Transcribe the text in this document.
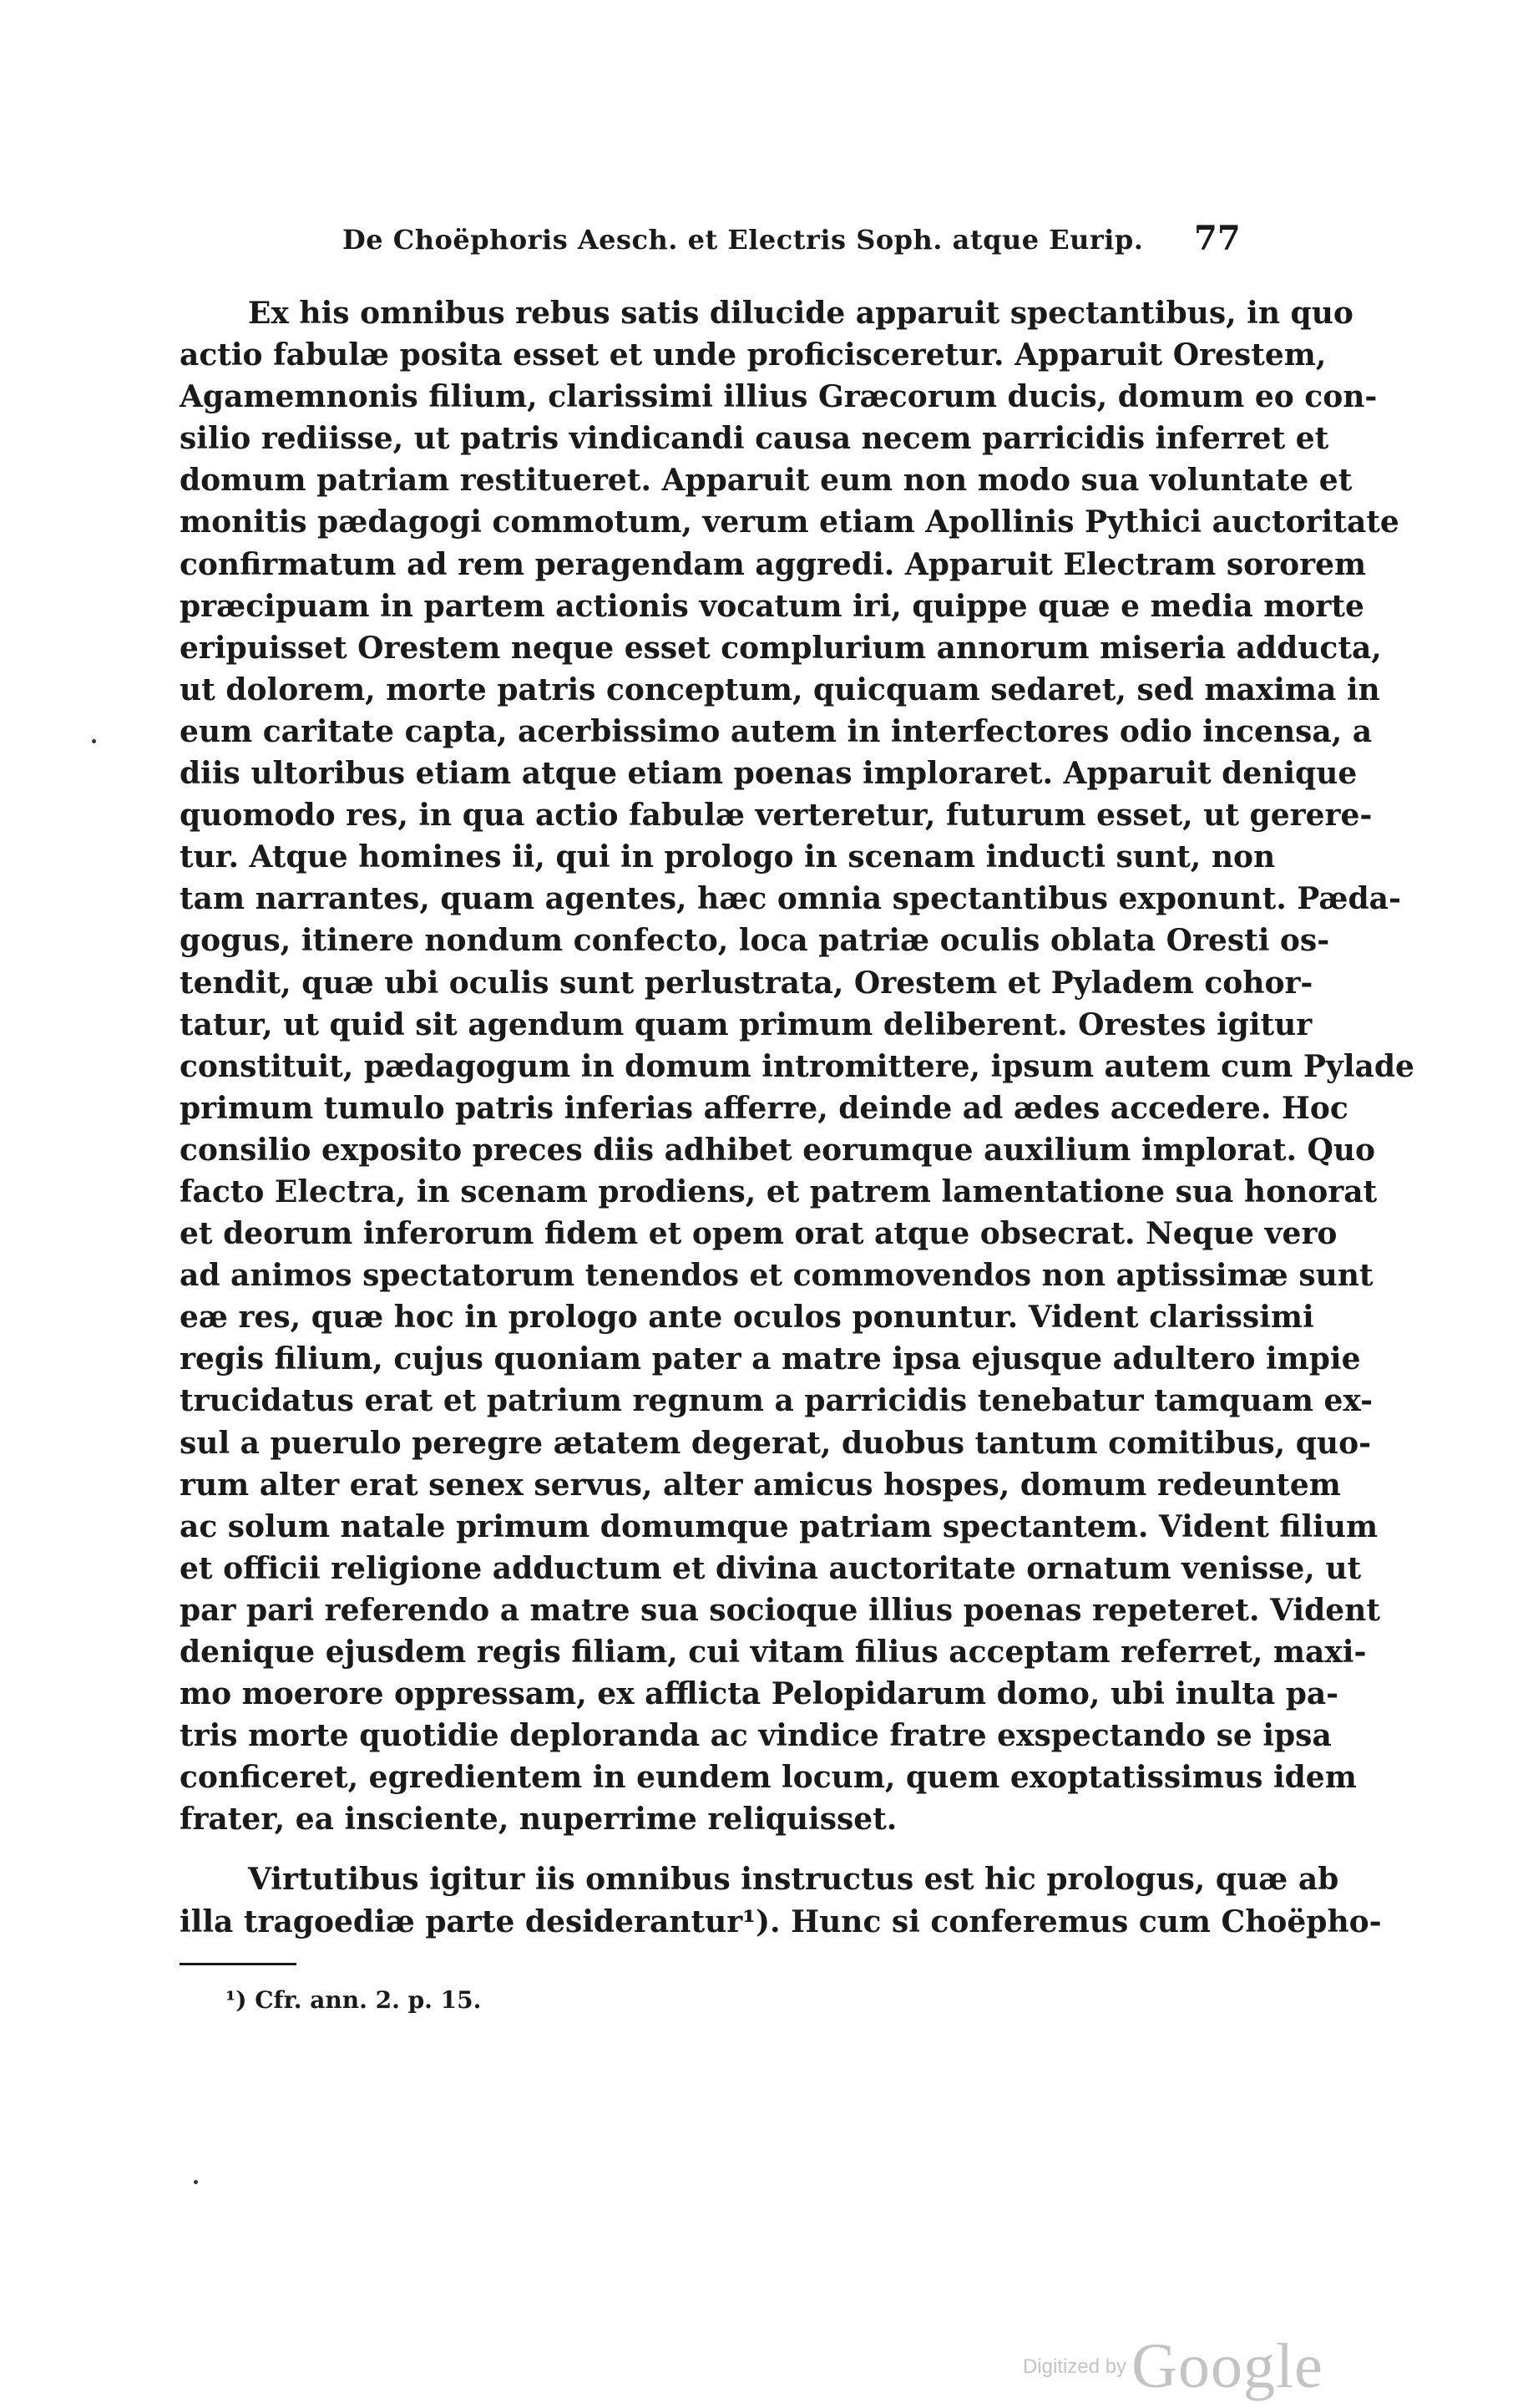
De Choëphoris Aesch. et Electris Soph. atque Eurip. 77
Ex his omnibus rebus satis dilucide apparuit spectantibus, in quo
actio fabulæ posita esset et unde proficisceretur. Apparuit Orestem,
Agamemnonis filium, clarissimi illius Græcorum ducis, domum eo con-
silio rediisse, ut patris vindicandi causa necem parricidis inferret et
domum patriam restitueret. Apparuit eum non modo sua voluntate et
monitis pædagogi commotum, verum etiam Apollinis Pythici auctoritate
confirmatum ad rem peragendam aggredi. Apparuit Electram sororem
præcipuam in partem actionis vocatum iri, quippe quæ e media morte
eripuisset Orestem neque esset complurium annorum miseria adducta,
ut dolorem, morte patris conceptum, quicquam sedaret, sed maxima in
eum caritate capta, acerbissimo autem in interfectores odio incensa, a
diis ultoribus etiam atque etiam poenas imploraret. Apparuit denique
quomodo res, in qua actio fabulæ verteretur, futurum esset, ut gerere-
tur. Atque homines ii, qui in prologo in scenam inducti sunt, non
tam narrantes, quam agentes, hæc omnia spectantibus exponunt. Pæda-
gogus, itinere nondum confecto, loca patriæ oculis oblata Oresti os-
tendit, quæ ubi oculis sunt perlustrata, Orestem et Pyladem cohor-
tatur, ut quid sit agendum quam primum deliberent. Orestes igitur
constituit, pædagogum in domum intromittere, ipsum autem cum Pylade
primum tumulo patris inferias afferre, deinde ad ædes accedere. Hoc
consilio exposito preces diis adhibet eorumque auxilium implorat. Quo
facto Electra, in scenam prodiens, et patrem lamentatione sua honorat
et deorum inferorum fidem et opem orat atque obsecrat. Neque vero
ad animos spectatorum tenendos et commovendos non aptissimæ sunt
eæ res, quæ hoc in prologo ante oculos ponuntur. Vident clarissimi
regis filium, cujus quoniam pater a matre ipsa ejusque adultero impie
trucidatus erat et patrium regnum a parricidis tenebatur tamquam ex-
sul a puerulo peregre ætatem degerat, duobus tantum comitibus, quo-
rum alter erat senex servus, alter amicus hospes, domum redeuntem
ac solum natale primum domumque patriam spectantem. Vident filium
et officii religione adductum et divina auctoritate ornatum venisse, ut
par pari referendo a matre sua socioque illius poenas repeteret. Vident
denique ejusdem regis filiam, cui vitam filius acceptam referret, maxi-
mo moerore oppressam, ex afflicta Pelopidarum domo, ubi inulta pa-
tris morte quotidie deploranda ac vindice fratre exspectando se ipsa
conficeret, egredientem in eundem locum, quem exoptatissimus idem
frater, ea insciente, nuperrime reliquisset.
Virtutibus igitur iis omnibus instructus est hic prologus, quæ ab
illa tragoediæ parte desiderantur¹). Hunc si conferemus cum Choëpho-
¹) Cfr. ann. 2. p. 15.
Digitized byGoogle
